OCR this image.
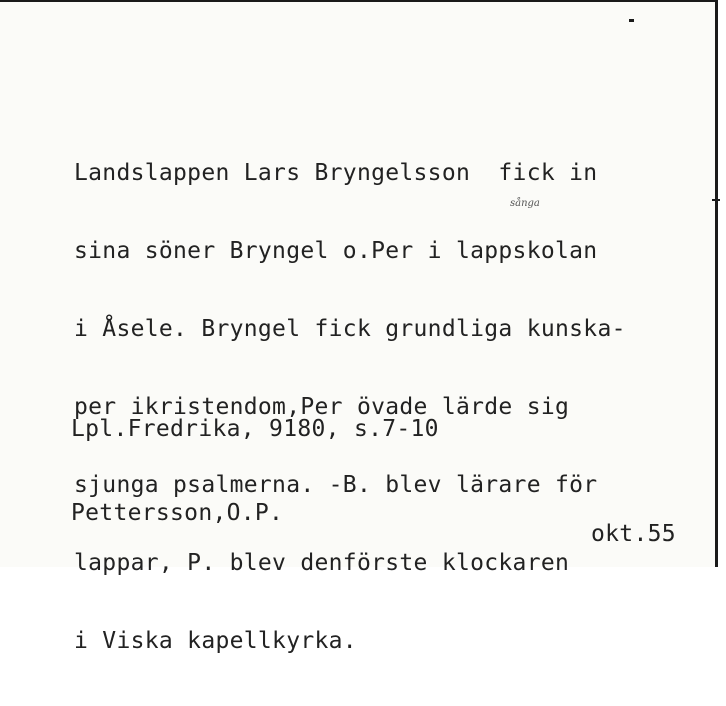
Landslappen Lars Bryngelsson  fick in

sina söner Bryngel o.Per i lappskolan

i Åsele. Bryngel fick grundliga kunska-

per ikristendom,Per övade lärde sig

sjunga psalmerna. -B. blev lärare för

lappar, P. blev denförste klockaren

i Viska kapellkyrka.

sånga

Lpl.Fredrika, 9180, s.7-10

Pettersson,O.P.

okt.55
